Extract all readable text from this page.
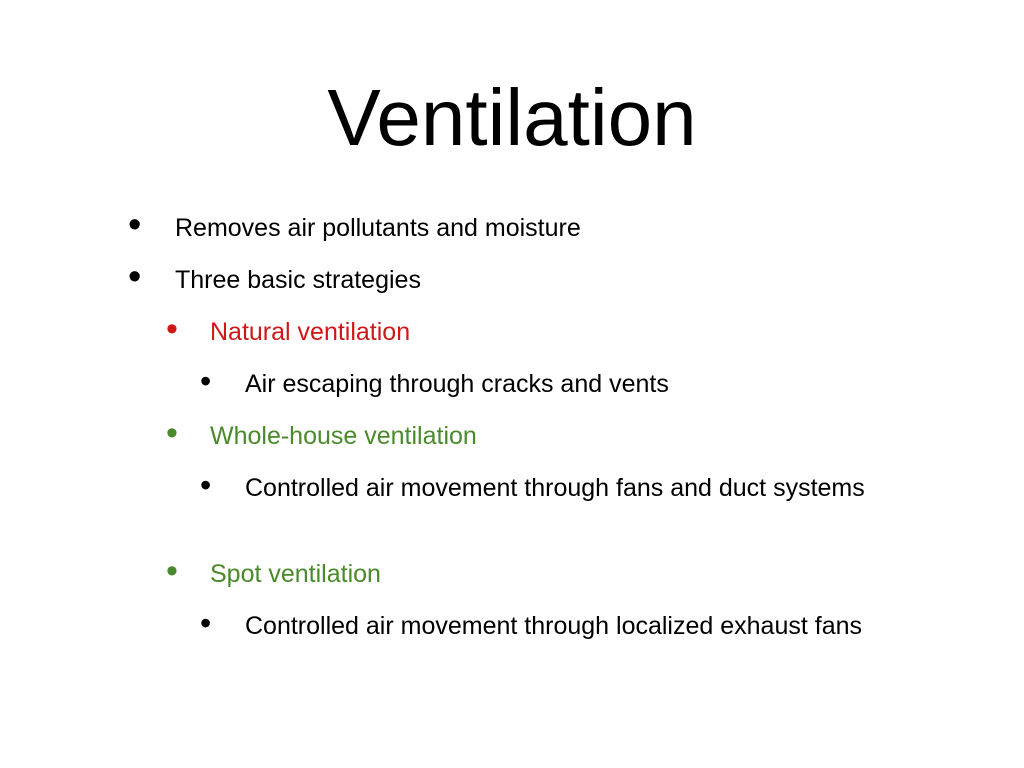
Ventilation
• Removes air pollutants and moisture
• Three basic strategies
• Natural ventilation
• Air escaping through cracks and vents
• Whole-house ventilation
• Controlled air movement through fans and duct systems
• Spot ventilation
• Controlled air movement through localized exhaust fans
